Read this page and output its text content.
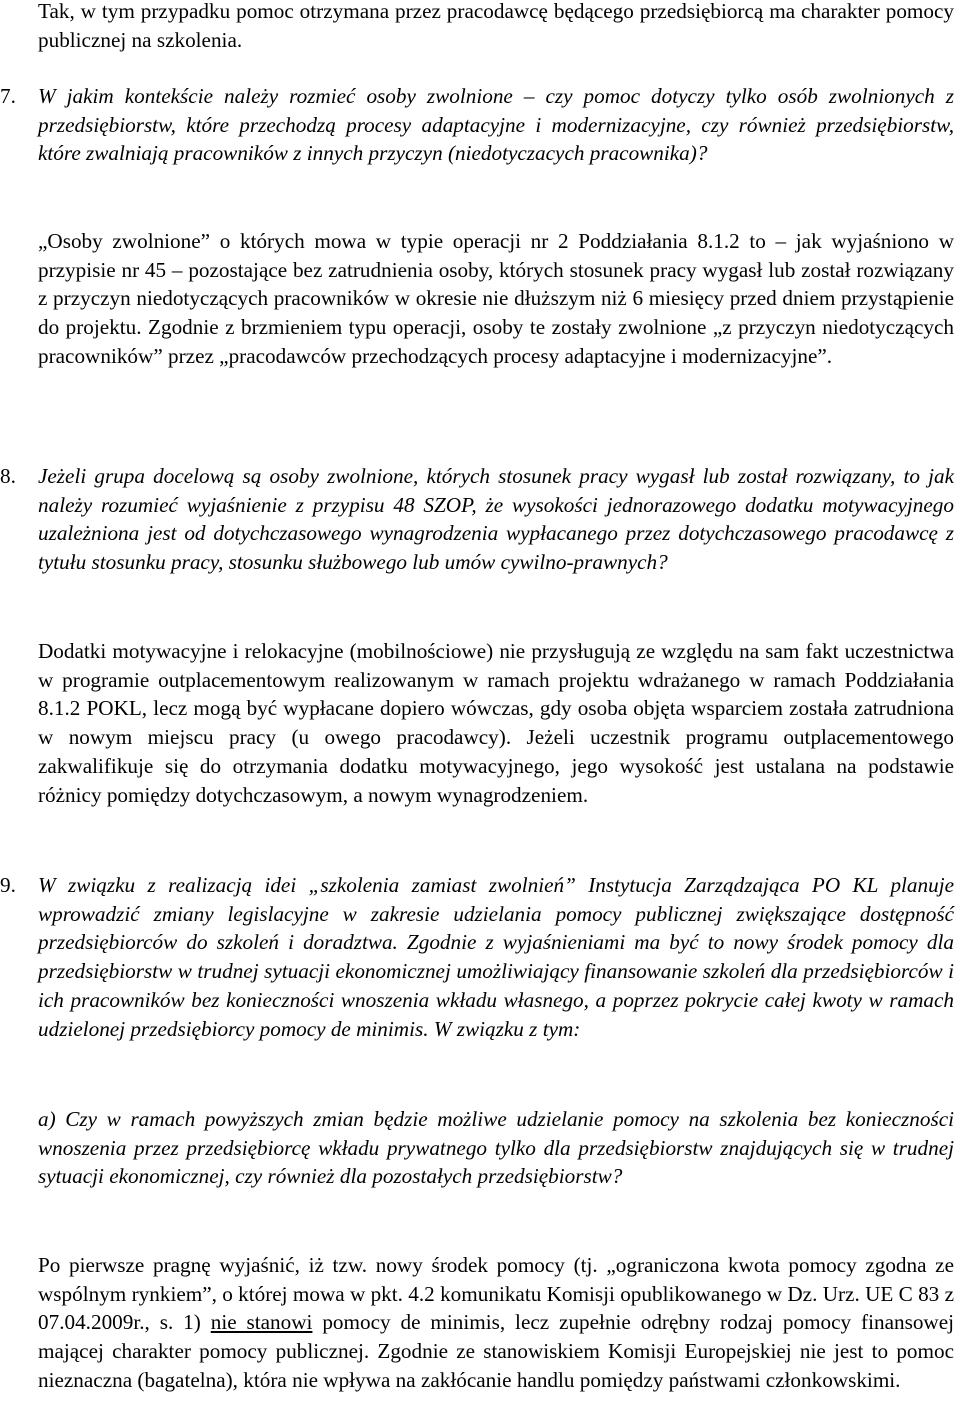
Tak, w tym przypadku pomoc otrzymana przez pracodawcę będącego przedsiębiorcą ma charakter pomocy publicznej na szkolenia.

7. W jakim kontekście należy rozmieć osoby zwolnione – czy pomoc dotyczy tylko osób zwolnionych z przedsiębiorstw, które przechodzą procesy adaptacyjne i modernizacyjne, czy również przedsiębiorstw, które zwalniają pracowników z innych przyczyn (niedotyczacych pracownika)?

„Osoby zwolnione” o których mowa w typie operacji nr 2 Poddziałania 8.1.2 to – jak wyjaśniono w przypisie nr 45 – pozostające bez zatrudnienia osoby, których stosunek pracy wygasł lub został rozwiązany z przyczyn niedotyczących pracowników w okresie nie dłuższym niż 6 miesięcy przed dniem przystąpienie do projektu. Zgodnie z brzmieniem typu operacji, osoby te zostały zwolnione „z przyczyn niedotyczących pracowników” przez „pracodawców przechodzących procesy adaptacyjne i modernizacyjne”.

8. Jeżeli grupa docelową są osoby zwolnione, których stosunek pracy wygasł lub został rozwiązany, to jak należy rozumieć wyjaśnienie z przypisu 48 SZOP, że wysokości jednorazowego dodatku motywacyjnego uzależniona jest od dotychczasowego wynagrodzenia wypłacanego przez dotychczasowego pracodawcę z tytułu stosunku pracy, stosunku służbowego lub umów cywilno-prawnych?

Dodatki motywacyjne i relokacyjne (mobilnościowe) nie przysługują ze względu na sam fakt uczestnictwa w programie outplacementowym realizowanym w ramach projektu wdrażanego w ramach Poddziałania 8.1.2 POKL, lecz mogą być wypłacane dopiero wówczas, gdy osoba objęta wsparciem została zatrudniona w nowym miejscu pracy (u owego pracodawcy). Jeżeli uczestnik programu outplacementowego zakwalifikuje się do otrzymania dodatku motywacyjnego, jego wysokość jest ustalana na podstawie różnicy pomiędzy dotychczasowym, a nowym wynagrodzeniem.

9. W związku z realizacją idei „szkolenia zamiast zwolnień” Instytucja Zarządzająca PO KL planuje wprowadzić zmiany legislacyjne w zakresie udzielania pomocy publicznej zwiększające dostępność przedsiębiorców do szkoleń i doradztwa. Zgodnie z wyjaśnieniami ma być to nowy środek pomocy dla przedsiębiorstw w trudnej sytuacji ekonomicznej umożliwiający finansowanie szkoleń dla przedsiębiorców i ich pracowników bez konieczności wnoszenia wkładu własnego, a poprzez pokrycie całej kwoty w ramach udzielonej przedsiębiorcy pomocy de minimis. W związku z tym:

a) Czy w ramach powyższych zmian będzie możliwe udzielanie pomocy na szkolenia bez konieczności wnoszenia przez przedsiębiorcę wkładu prywatnego tylko dla przedsiębiorstw znajdujących się w trudnej sytuacji ekonomicznej, czy również dla pozostałych przedsiębiorstw?

Po pierwsze pragnę wyjaśnić, iż tzw. nowy środek pomocy (tj. „ograniczona kwota pomocy zgodna ze wspólnym rynkiem”, o której mowa w pkt. 4.2 komunikatu Komisji opublikowanego w Dz. Urz. UE C 83 z 07.04.2009r., s. 1) nie stanowi pomocy de minimis, lecz zupełnie odrębny rodzaj pomocy finansowej mającej charakter pomocy publicznej. Zgodnie ze stanowiskiem Komisji Europejskiej nie jest to pomoc nieznaczna (bagatelna), która nie wpływa na zakłócanie handlu pomiędzy państwami członkowskimi.
